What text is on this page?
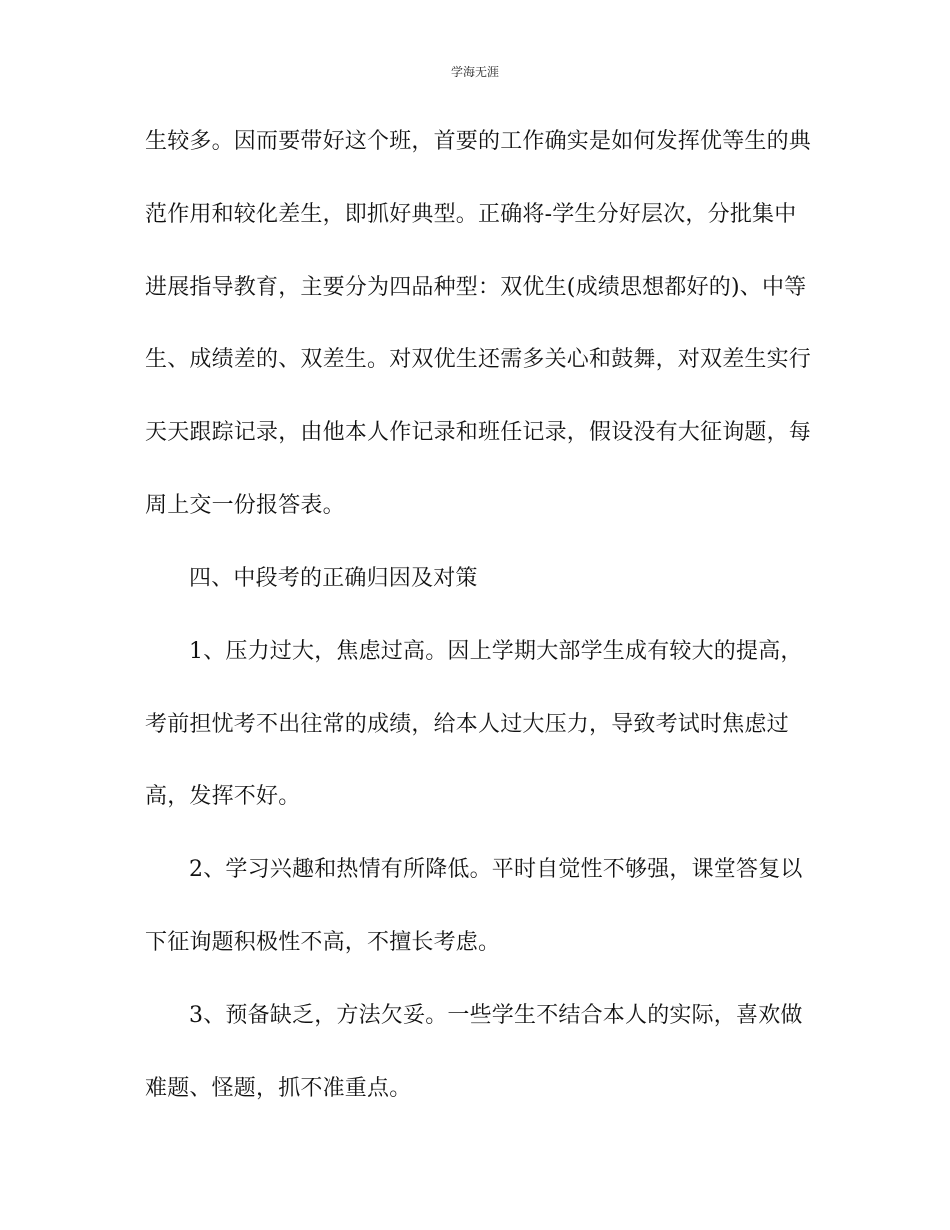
学海无涯
生较多。因而要带好这个班，首要的工作确实是如何发挥优等生的典
范作用和较化差生，即抓好典型。正确将-学生分好层次，分批集中
进展指导教育，主要分为四品种型：双优生(成绩思想都好的)、中等
生、成绩差的、双差生。对双优生还需多关心和鼓舞，对双差生实行
天天跟踪记录，由他本人作记录和班任记录，假设没有大征询题，每
周上交一份报答表。
四、中段考的正确归因及对策
1、压力过大，焦虑过高。因上学期大部学生成有较大的提高，
考前担忧考不出往常的成绩，给本人过大压力，导致考试时焦虑过
高，发挥不好。
2、学习兴趣和热情有所降低。平时自觉性不够强，课堂答复以
下征询题积极性不高，不擅长考虑。
3、预备缺乏，方法欠妥。一些学生不结合本人的实际，喜欢做
难题、怪题，抓不准重点。
